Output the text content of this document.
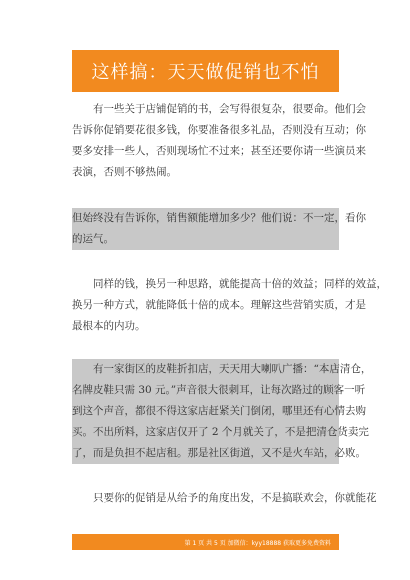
这样搞：天天做促销也不怕
有一些关于店铺促销的书，会写得很复杂，很要命。他们会
告诉你促销要花很多钱，你要准备很多礼品，否则没有互动；你
要多安排一些人，否则现场忙不过来；甚至还要你请一些演员来
表演，否则不够热闹。
但始终没有告诉你，销售额能增加多少？他们说：不一定，看你
的运气。
同样的钱，换另一种思路，就能提高十倍的效益；同样的效益，
换另一种方式，就能降低十倍的成本。理解这些营销实质，才是
最根本的内功。
有一家街区的皮鞋折扣店，天天用大喇叭广播：“本店清仓，
名牌皮鞋只需 30 元。”声音很大很刺耳，让每次路过的顾客一听
到这个声音，都很不得这家店赶紧关门倒闭，哪里还有心情去购
买。不出所料，这家店仅开了 2 个月就关了，不是把清仓货卖完
了，而是负担不起店租。那是社区街道，又不是火车站，必败。
只要你的促销是从给予的角度出发，不是搞联欢会，你就能花
第 1 页 共 5 页 加微信：kyy18888 获取更多免费资料
